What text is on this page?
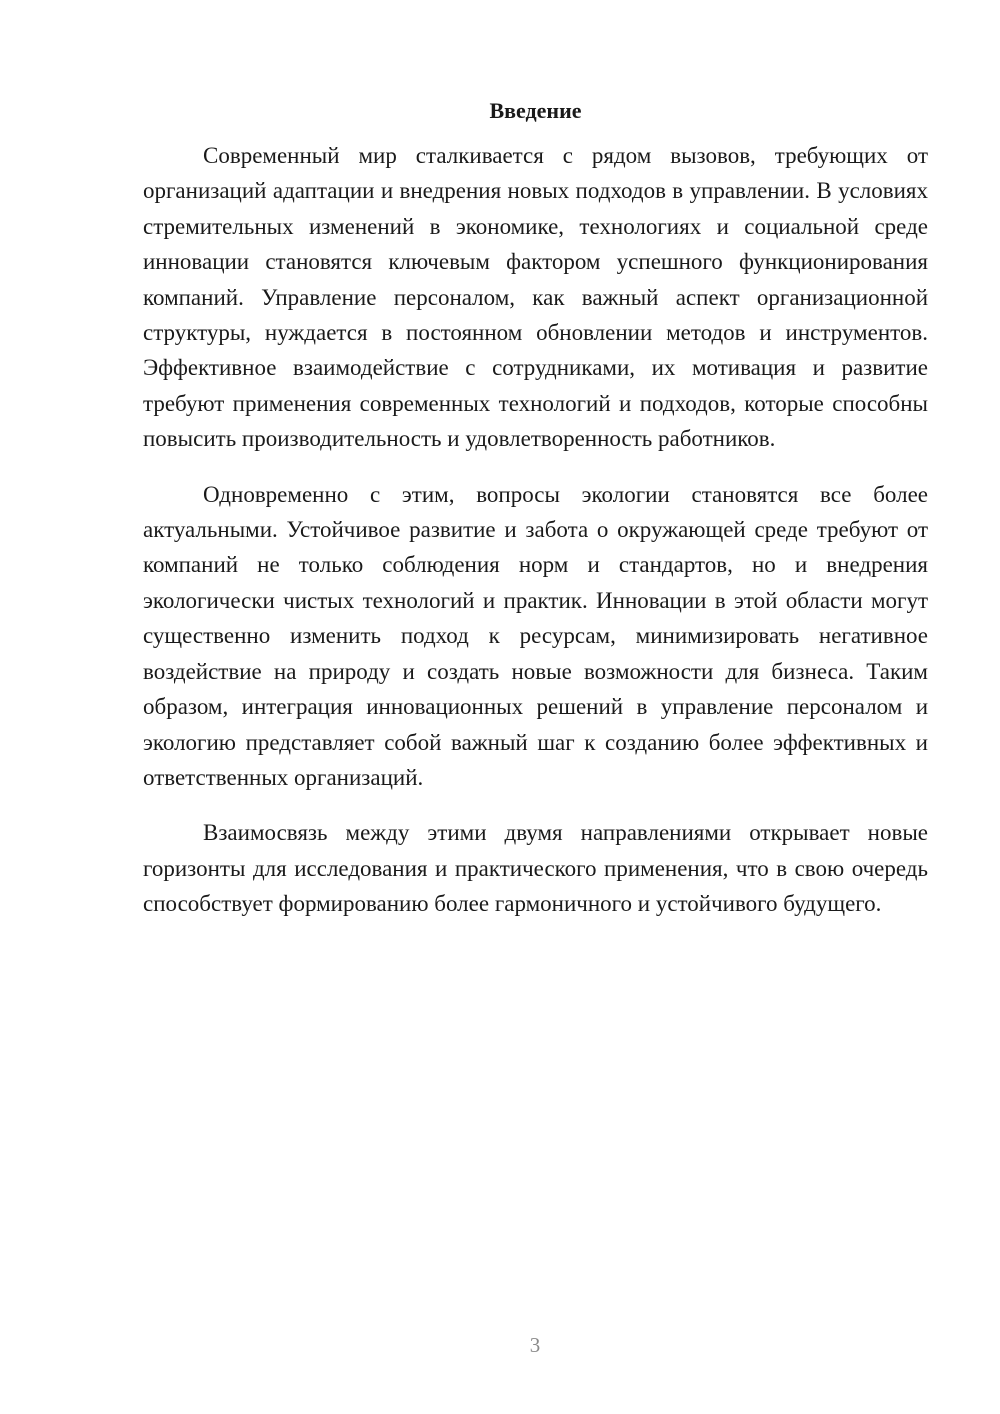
Введение

Современный мир сталкивается с рядом вызовов, требующих от организаций адаптации и внедрения новых подходов в управлении. В условиях стремительных изменений в экономике, технологиях и социальной среде инновации становятся ключевым фактором успешного функционирования компаний. Управление персоналом, как важный аспект организационной структуры, нуждается в постоянном обновлении методов и инструментов. Эффективное взаимодействие с сотрудниками, их мотивация и развитие требуют применения современных технологий и подходов, которые способны повысить производительность и удовлетворенность работников.

Одновременно с этим, вопросы экологии становятся все более актуальными. Устойчивое развитие и забота о окружающей среде требуют от компаний не только соблюдения норм и стандартов, но и внедрения экологически чистых технологий и практик. Инновации в этой области могут существенно изменить подход к ресурсам, минимизировать негативное воздействие на природу и создать новые возможности для бизнеса. Таким образом, интеграция инновационных решений в управление персоналом и экологию представляет собой важный шаг к созданию более эффективных и ответственных организаций.

Взаимосвязь между этими двумя направлениями открывает новые горизонты для исследования и практического применения, что в свою очередь способствует формированию более гармоничного и устойчивого будущего.

3
